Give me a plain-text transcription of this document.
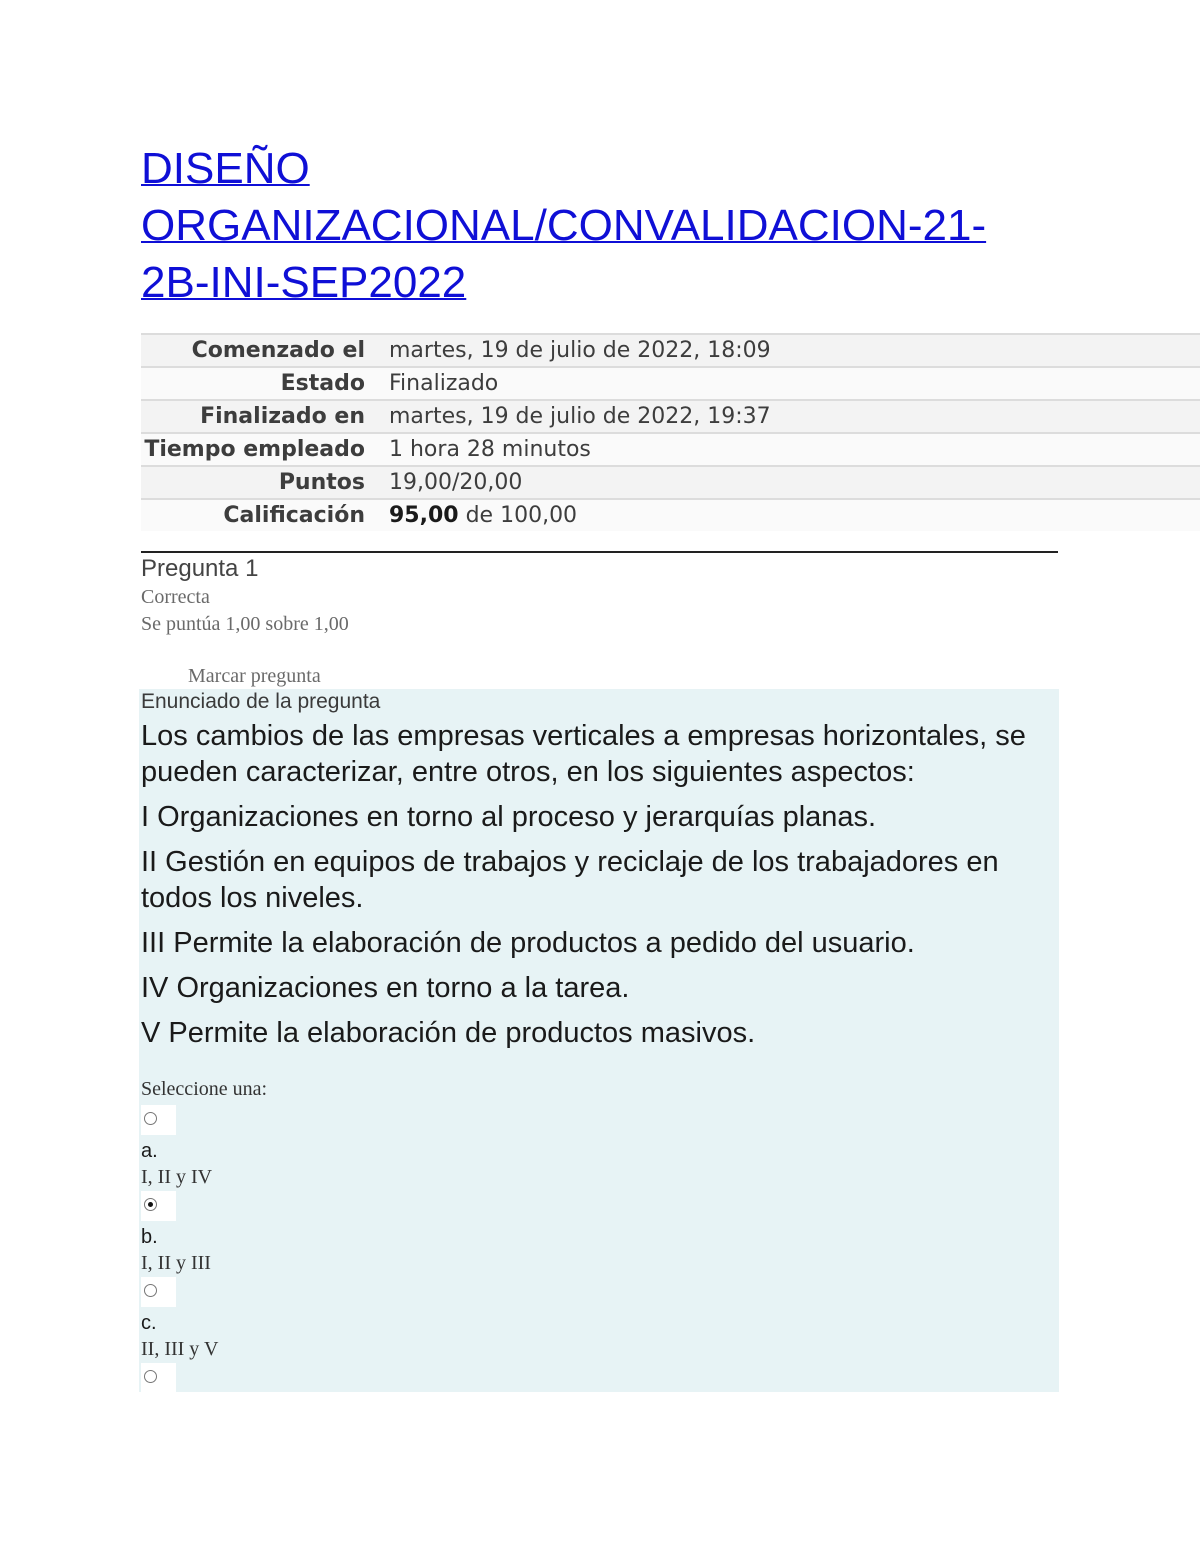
DISEÑO ORGANIZACIONAL/CONVALIDACION-21-2B-INI-SEP2022
Comenzado el	martes, 19 de julio de 2022, 18:09
Estado	Finalizado
Finalizado en	martes, 19 de julio de 2022, 19:37
Tiempo empleado	1 hora 28 minutos
Puntos	19,00/20,00
Calificación	95,00 de 100,00
Pregunta 1
Correcta
Se puntúa 1,00 sobre 1,00
Marcar pregunta
Enunciado de la pregunta

Los cambios de las empresas verticales a empresas horizontales, se pueden caracterizar, entre otros, en los siguientes aspectos:

I Organizaciones en torno al proceso y jerarquías planas.

II Gestión en equipos de trabajos y reciclaje de los trabajadores en todos los niveles.

III Permite la elaboración de productos a pedido del usuario.

IV Organizaciones en torno a la tarea.

V Permite la elaboración de productos masivos.

Seleccione una:
a.
I, II y IV
b.
I, II y III
c.
II, III y V
